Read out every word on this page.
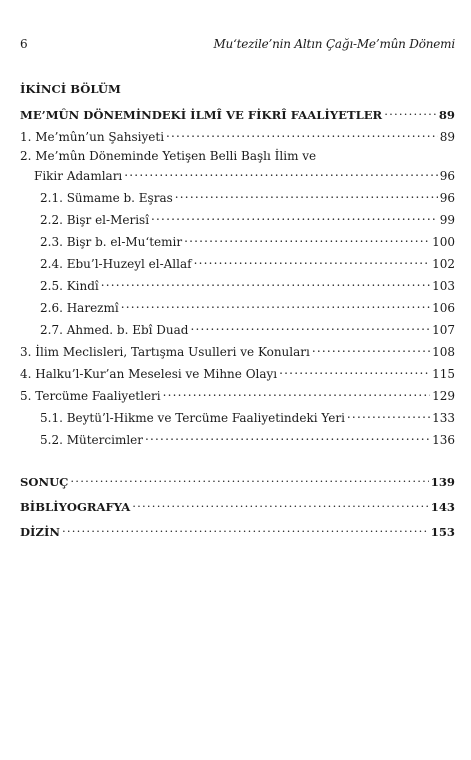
6	Mu‘tezile’nin Altın Çağı-Me’mûn Dönemi
İKİNCİ BÖLÜM
ME’MÛN DÖNEMİNDEKİ İLMÎ VE FİKRÎ FAALİYETLER .....	89
1. Me’mûn’un Şahsiyeti .....	89
2. Me’mûn Döneminde Yetişen Belli Başlı İlim ve
Fikir Adamları .....	96
2.1. Sümame b. Eşras .....	96
2.2. Bişr el-Merisî .....	99
2.3. Bişr b. el-Mu‘temir .....	100
2.4. Ebu’l-Huzeyl el-Allaf .....	102
2.5. Kindî .....	103
2.6. Harezmî .....	106
2.7. Ahmed. b. Ebî Duad .....	107
3. İlim Meclisleri, Tartışma Usulleri ve Konuları .....	108
4. Halku’l-Kur’an Meselesi ve Mihne Olayı .....	115
5. Tercüme Faaliyetleri .....	129
5.1. Beytü’l-Hikme ve Tercüme Faaliyetindeki Yeri .....	133
5.2. Mütercimler .....	136
SONUÇ .....	139
BİBLİYOGRAFYA .....	143
DİZİN .....	153
